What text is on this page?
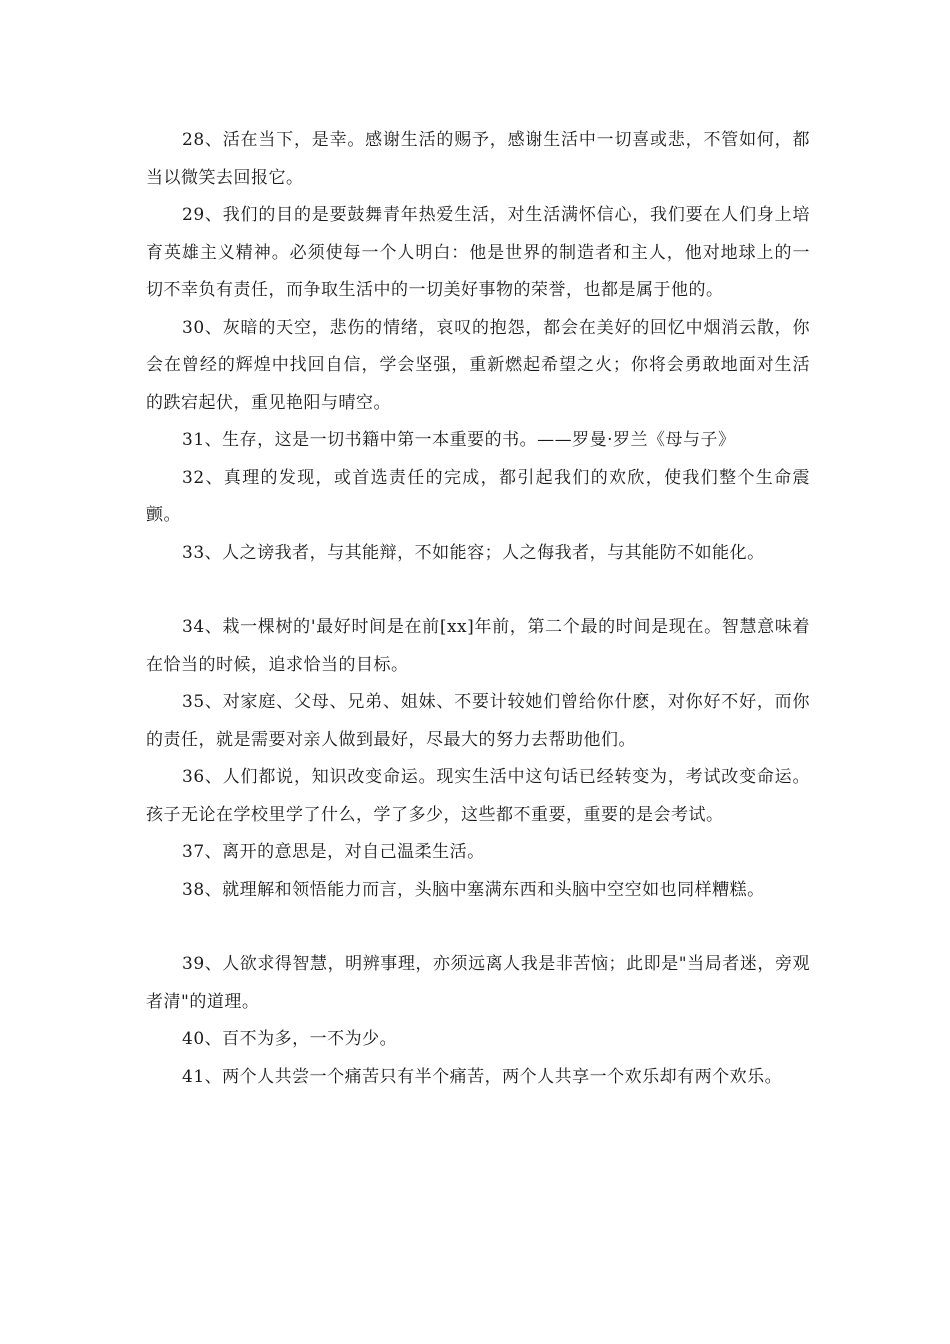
28、活在当下，是幸。感谢生活的赐予，感谢生活中一切喜或悲，不管如何，都当以微笑去回报它。

29、我们的目的是要鼓舞青年热爱生活，对生活满怀信心，我们要在人们身上培育英雄主义精神。必须使每一个人明白：他是世界的制造者和主人，他对地球上的一切不幸负有责任，而争取生活中的一切美好事物的荣誉，也都是属于他的。

30、灰暗的天空，悲伤的情绪，哀叹的抱怨，都会在美好的回忆中烟消云散，你会在曾经的辉煌中找回自信，学会坚强，重新燃起希望之火；你将会勇敢地面对生活的跌宕起伏，重见艳阳与晴空。

31、生存，这是一切书籍中第一本重要的书。——罗曼·罗兰《母与子》

32、真理的发现，或首选责任的完成，都引起我们的欢欣，使我们整个生命震颤。

33、人之谤我者，与其能辩，不如能容；人之侮我者，与其能防不如能化。

34、栽一棵树的'最好时间是在前[xx]年前，第二个最的时间是现在。智慧意味着在恰当的时候，追求恰当的目标。

35、对家庭、父母、兄弟、姐妹、不要计较她们曾给你什麽，对你好不好，而你的责任，就是需要对亲人做到最好，尽最大的努力去帮助他们。

36、人们都说，知识改变命运。现实生活中这句话已经转变为，考试改变命运。孩子无论在学校里学了什么，学了多少，这些都不重要，重要的是会考试。

37、离开的意思是，对自己温柔生活。

38、就理解和领悟能力而言，头脑中塞满东西和头脑中空空如也同样糟糕。

39、人欲求得智慧，明辨事理，亦须远离人我是非苦恼；此即是"当局者迷，旁观者清"的道理。

40、百不为多，一不为少。

41、两个人共尝一个痛苦只有半个痛苦，两个人共享一个欢乐却有两个欢乐。
